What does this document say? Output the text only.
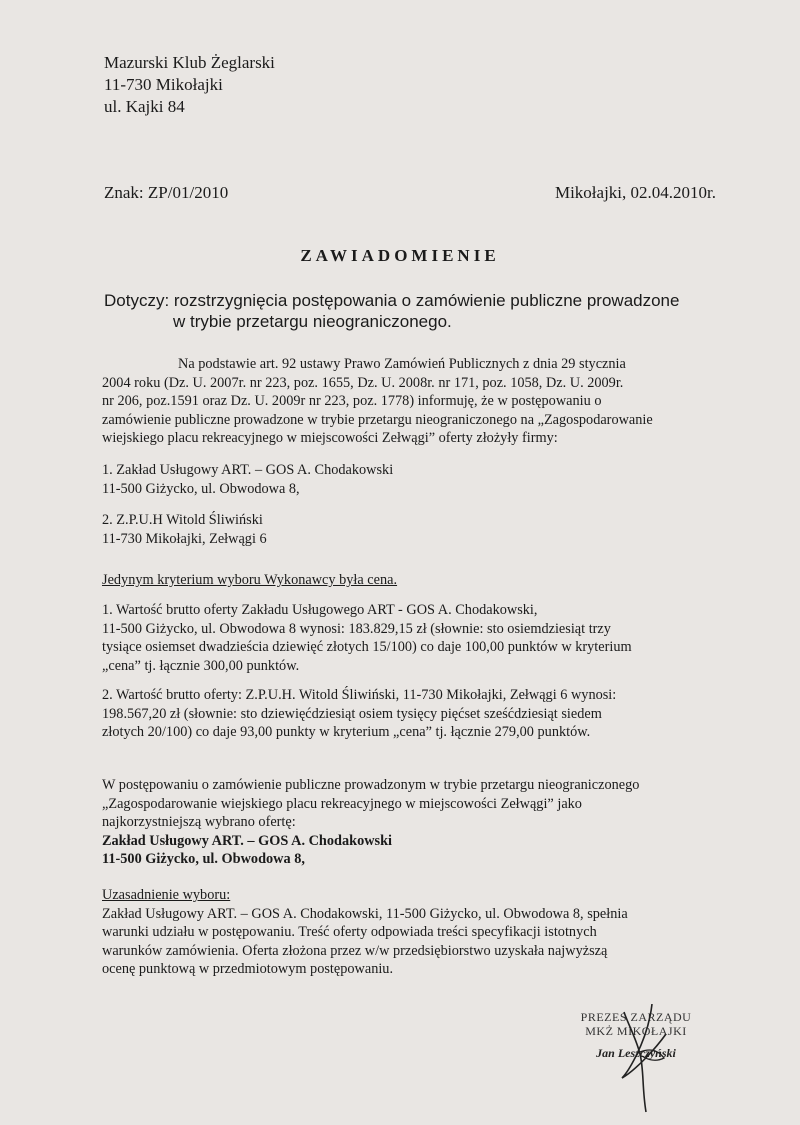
Mazurski Klub Żeglarski
11-730 Mikołajki
ul. Kajki 84
Znak: ZP/01/2010	Mikołajki, 02.04.2010r.
ZAWIADOMIENIE
Dotyczy: rozstrzygnięcia postępowania o zamówienie publiczne prowadzone
w trybie przetargu nieograniczonego.
Na podstawie art. 92 ustawy Prawo Zamówień Publicznych z dnia 29 stycznia
2004 roku (Dz. U. 2007r. nr 223, poz. 1655, Dz. U. 2008r. nr 171, poz. 1058, Dz. U. 2009r.
nr 206, poz.1591 oraz Dz. U. 2009r nr 223, poz. 1778) informuję, że w postępowaniu o
zamówienie publiczne prowadzone w trybie przetargu nieograniczonego na „Zagospodarowanie
wiejskiego placu rekreacyjnego w miejscowości Zełwągi” oferty złożyły firmy:
1. Zakład Usługowy ART. – GOS A. Chodakowski
11-500 Giżycko, ul. Obwodowa 8,
2. Z.P.U.H Witold Śliwiński
11-730 Mikołajki, Zełwągi 6
Jedynym kryterium wyboru Wykonawcy była cena.
1. Wartość brutto oferty Zakładu Usługowego ART - GOS A. Chodakowski,
11-500 Giżycko, ul. Obwodowa 8 wynosi: 183.829,15 zł (słownie: sto osiemdziesiąt trzy
tysiące osiemset dwadzieścia dziewięć złotych 15/100) co daje 100,00 punktów w kryterium
„cena” tj. łącznie 300,00 punktów.
2. Wartość brutto oferty: Z.P.U.H. Witold Śliwiński, 11-730 Mikołajki, Zełwągi 6 wynosi:
198.567,20 zł (słownie: sto dziewięćdziesiąt osiem tysięcy pięćset sześćdziesiąt siedem
złotych 20/100) co daje 93,00 punkty w kryterium „cena” tj. łącznie 279,00 punktów.
W postępowaniu o zamówienie publiczne prowadzonym w trybie przetargu nieograniczonego
„Zagospodarowanie wiejskiego placu rekreacyjnego w miejscowości Zełwągi” jako
najkorzystniejszą wybrano ofertę:
Zakład Usługowy ART. – GOS A. Chodakowski
11-500 Giżycko, ul. Obwodowa 8,
Uzasadnienie wyboru:
Zakład Usługowy ART. – GOS A. Chodakowski, 11-500 Giżycko, ul. Obwodowa 8, spełnia
warunki udziału w postępowaniu. Treść oferty odpowiada treści specyfikacji istotnych
warunków zamówienia. Oferta złożona przez w/w przedsiębiorstwo uzyskała najwyższą
ocenę punktową w przedmiotowym postępowaniu.
PREZES ZARZĄDU
MKŻ MIKOŁAJKI
Jan Leszczyński
